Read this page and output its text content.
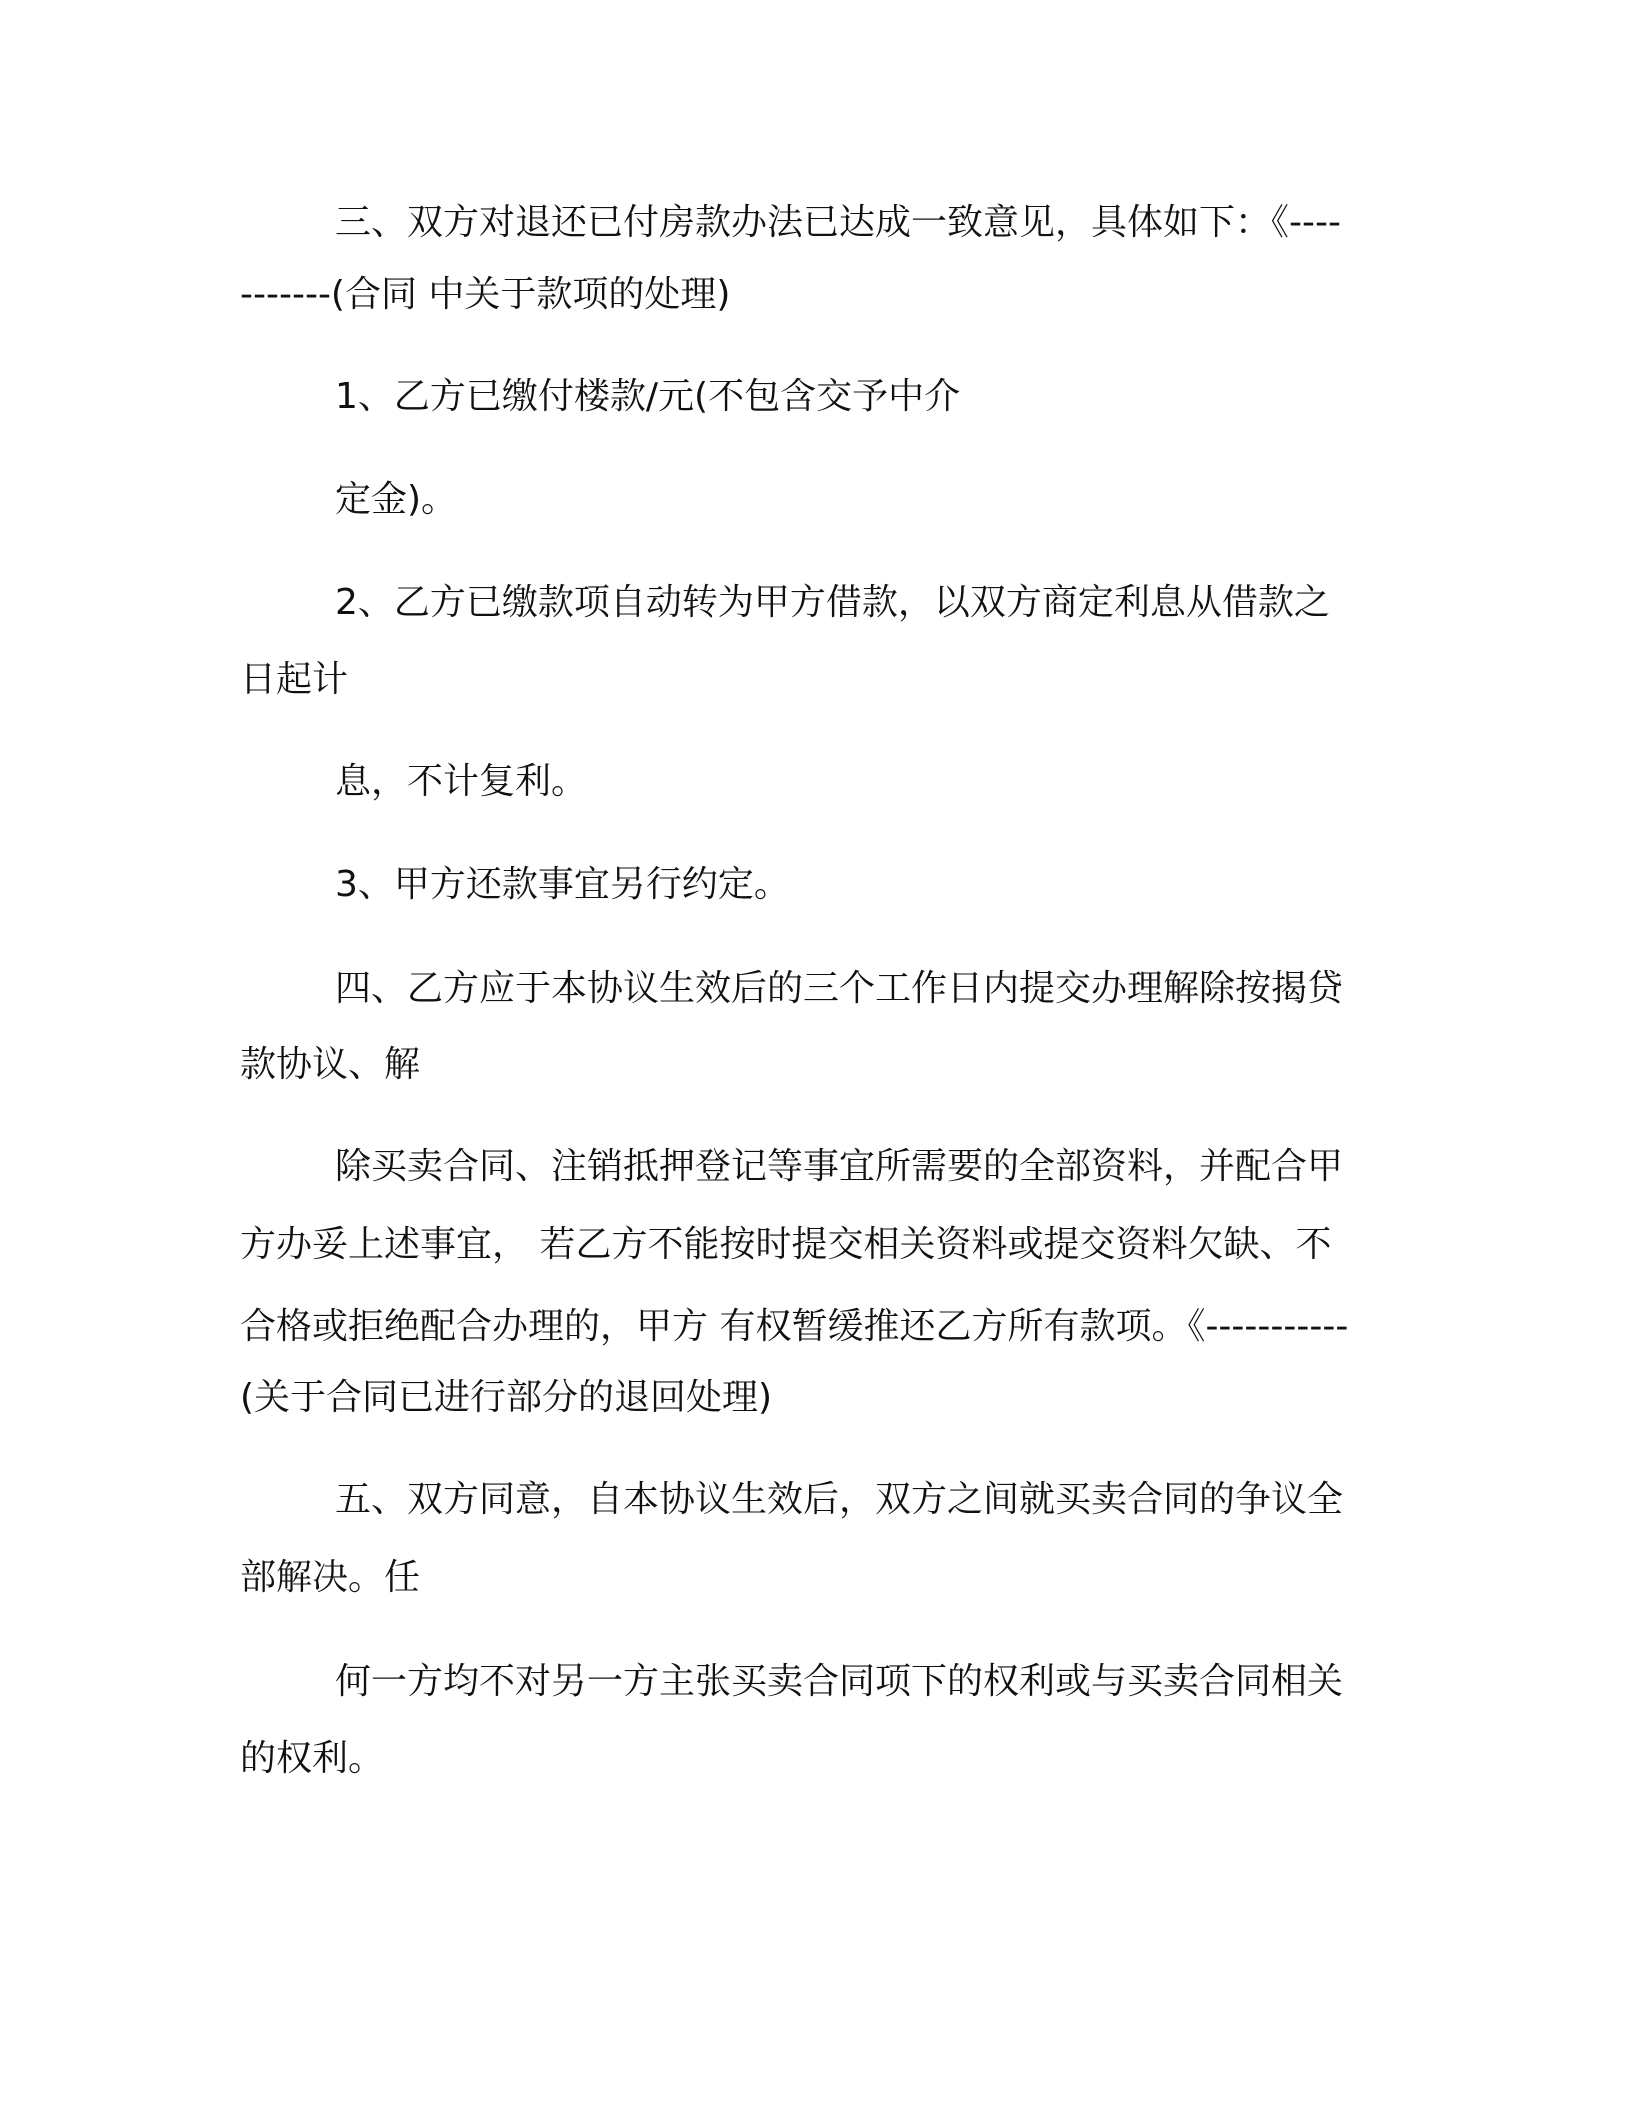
三、双方对退还已付房款办法已达成一致意见，具体如下：《----

-------(合同 中关于款项的处理)

1、乙方已缴付楼款/元(不包含交予中介

定金)。

2、乙方已缴款项自动转为甲方借款，以双方商定利息从借款之

日起计

息，不计复利。

3、甲方还款事宜另行约定。

四、乙方应于本协议生效后的三个工作日内提交办理解除按揭贷

款协议、解

除买卖合同、注销抵押登记等事宜所需要的全部资料，并配合甲

方办妥上述事宜， 若乙方不能按时提交相关资料或提交资料欠缺、不

合格或拒绝配合办理的，甲方 有权暂缓推还乙方所有款项。《-----------

(关于合同已进行部分的退回处理)

五、双方同意，自本协议生效后，双方之间就买卖合同的争议全

部解决。任

何一方均不对另一方主张买卖合同项下的权利或与买卖合同相关

的权利。
